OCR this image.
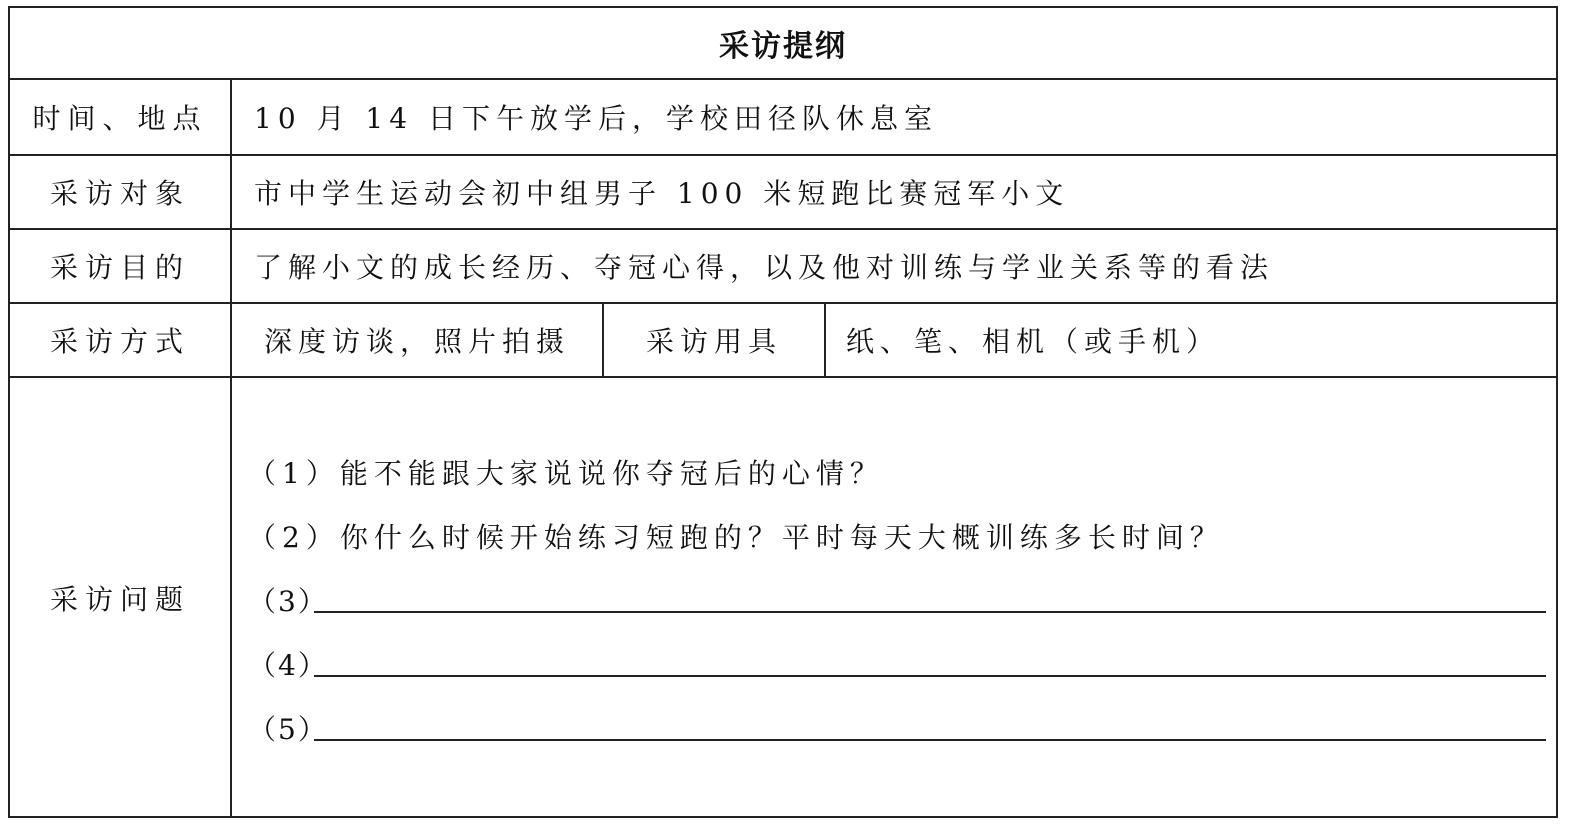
采访提纲
时间、地点	10 月 14 日下午放学后，学校田径队休息室
采访对象	市中学生运动会初中组男子 100 米短跑比赛冠军小文
采访目的	了解小文的成长经历、夺冠心得，以及他对训练与学业关系等的看法
采访方式	深度访谈，照片拍摄	采访用具	纸、笔、相机（或手机）
采访问题
（1）能不能跟大家说说你夺冠后的心情？
（2）你什么时候开始练习短跑的？平时每天大概训练多长时间？
（3）
（4）
（5）
